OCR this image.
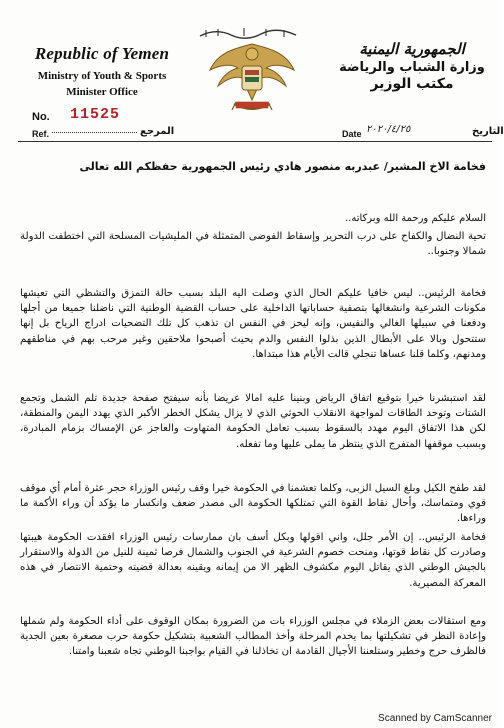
Republic of Yemen
Ministry of Youth & Sports
Minister Office
الجمهورية اليمنية
وزارة الشباب والرياضة
مكتب الوزير
No. 11525
Ref.	المرجع	Date ٢٠٢٠/٤/٢٥	التاريخ
فخامة الاخ المشير/ عبدربه منصور هادي رئيس الجمهورية حفظكم الله تعالى
السلام عليكم ورحمة الله وبركاته..
تحية النضال والكفاح على درب التحرير وإسقاط الفوضى المتمثلة في المليشيات المسلحة التي اختطفت الدولة شمالا وجنوبا..
فخامة الرئيس.. ليس خافيا عليكم الحال الذي وصلت اليه البلد بسبب حالة التمزق والتشظي التي تعيشها مكونات الشرعية وانشغالها بتصفية حساباتها الداخلية على حساب القضية الوطنية التي ناضلنا جميعا من أجلها ودفعنا في سبيلها الغالي والنفيس، وإنه ليحز في النفس ان تذهب كل تلك التضحيات ادراج الرياح بل إنها ستتحول وبالا على الأبطال الذين بذلوا النفس والدم بحيث أصبحوا ملاحقين وغير مرحب بهم في مناطقهم ومدنهم، وكلما قلنا عساها تنجلي قالت الأيام هذا مبتداها.
لقد استبشرنا خيرا بتوقيع اتفاق الرياض وبنينا عليه امالا عريضا بأنه سيفتح صفحة جديدة تلم الشمل وتجمع الشتات وتوحد الطاقات لمواجهة الانقلاب الحوثي الذي لا يزال يشكل الخطر الأكبر الذي يهدد اليمن والمنطقة، لكن هذا الاتفاق اليوم مهدد بالسقوط بسبب تعامل الحكومة المتهاوت والعاجز عن الإمساك بزمام المبادرة، وبسبب موقفها المتفرج الذي ينتظر ما يملى عليها وما تفعله.
لقد طفح الكيل وبلغ السيل الزبى، وكلما تعشمنا في الحكومة خيرا وقف رئيس الوزراء حجر عثرة أمام أي موقف قوي ومتماسك، وأحال نقاط القوة التي تمتلكها الحكومة الى مصدر ضعف وانكسار ما يؤكد أن وراء الأكمة ما وراءها.
فخامة الرئيس.. إن الأمر جلل، واني اقولها وبكل أسف بان ممارسات رئيس الوزراء افقدت الحكومة هيبتها وصادرت كل نقاط قوتها، ومنحت خصوم الشرعية في الجنوب والشمال فرصا ثمينة للنيل من الدولة والاستقرار بالجيش الوطني الذي يقاتل اليوم مكشوف الظهر الا من إيمانه ويقينه بعدالة قضيته وحتمية الانتصار في هذه المعركة المصيرية.
ومع استقالات بعض الزملاء في مجلس الوزراء بات من الضرورة بمكان الوقوف على أداء الحكومة ولم شملها وإعادة النظر في تشكيلتها بما يخدم المرحلة وأخذ المطالب الشعبية بتشكيل حكومة حرب مصغرة بعين الجدية فالظرف حرج وخطير وستلعننا الأجيال القادمة ان تخاذلنا في القيام بواجبنا الوطني تجاه شعبنا وامتنا.
Scanned by CamScanner
